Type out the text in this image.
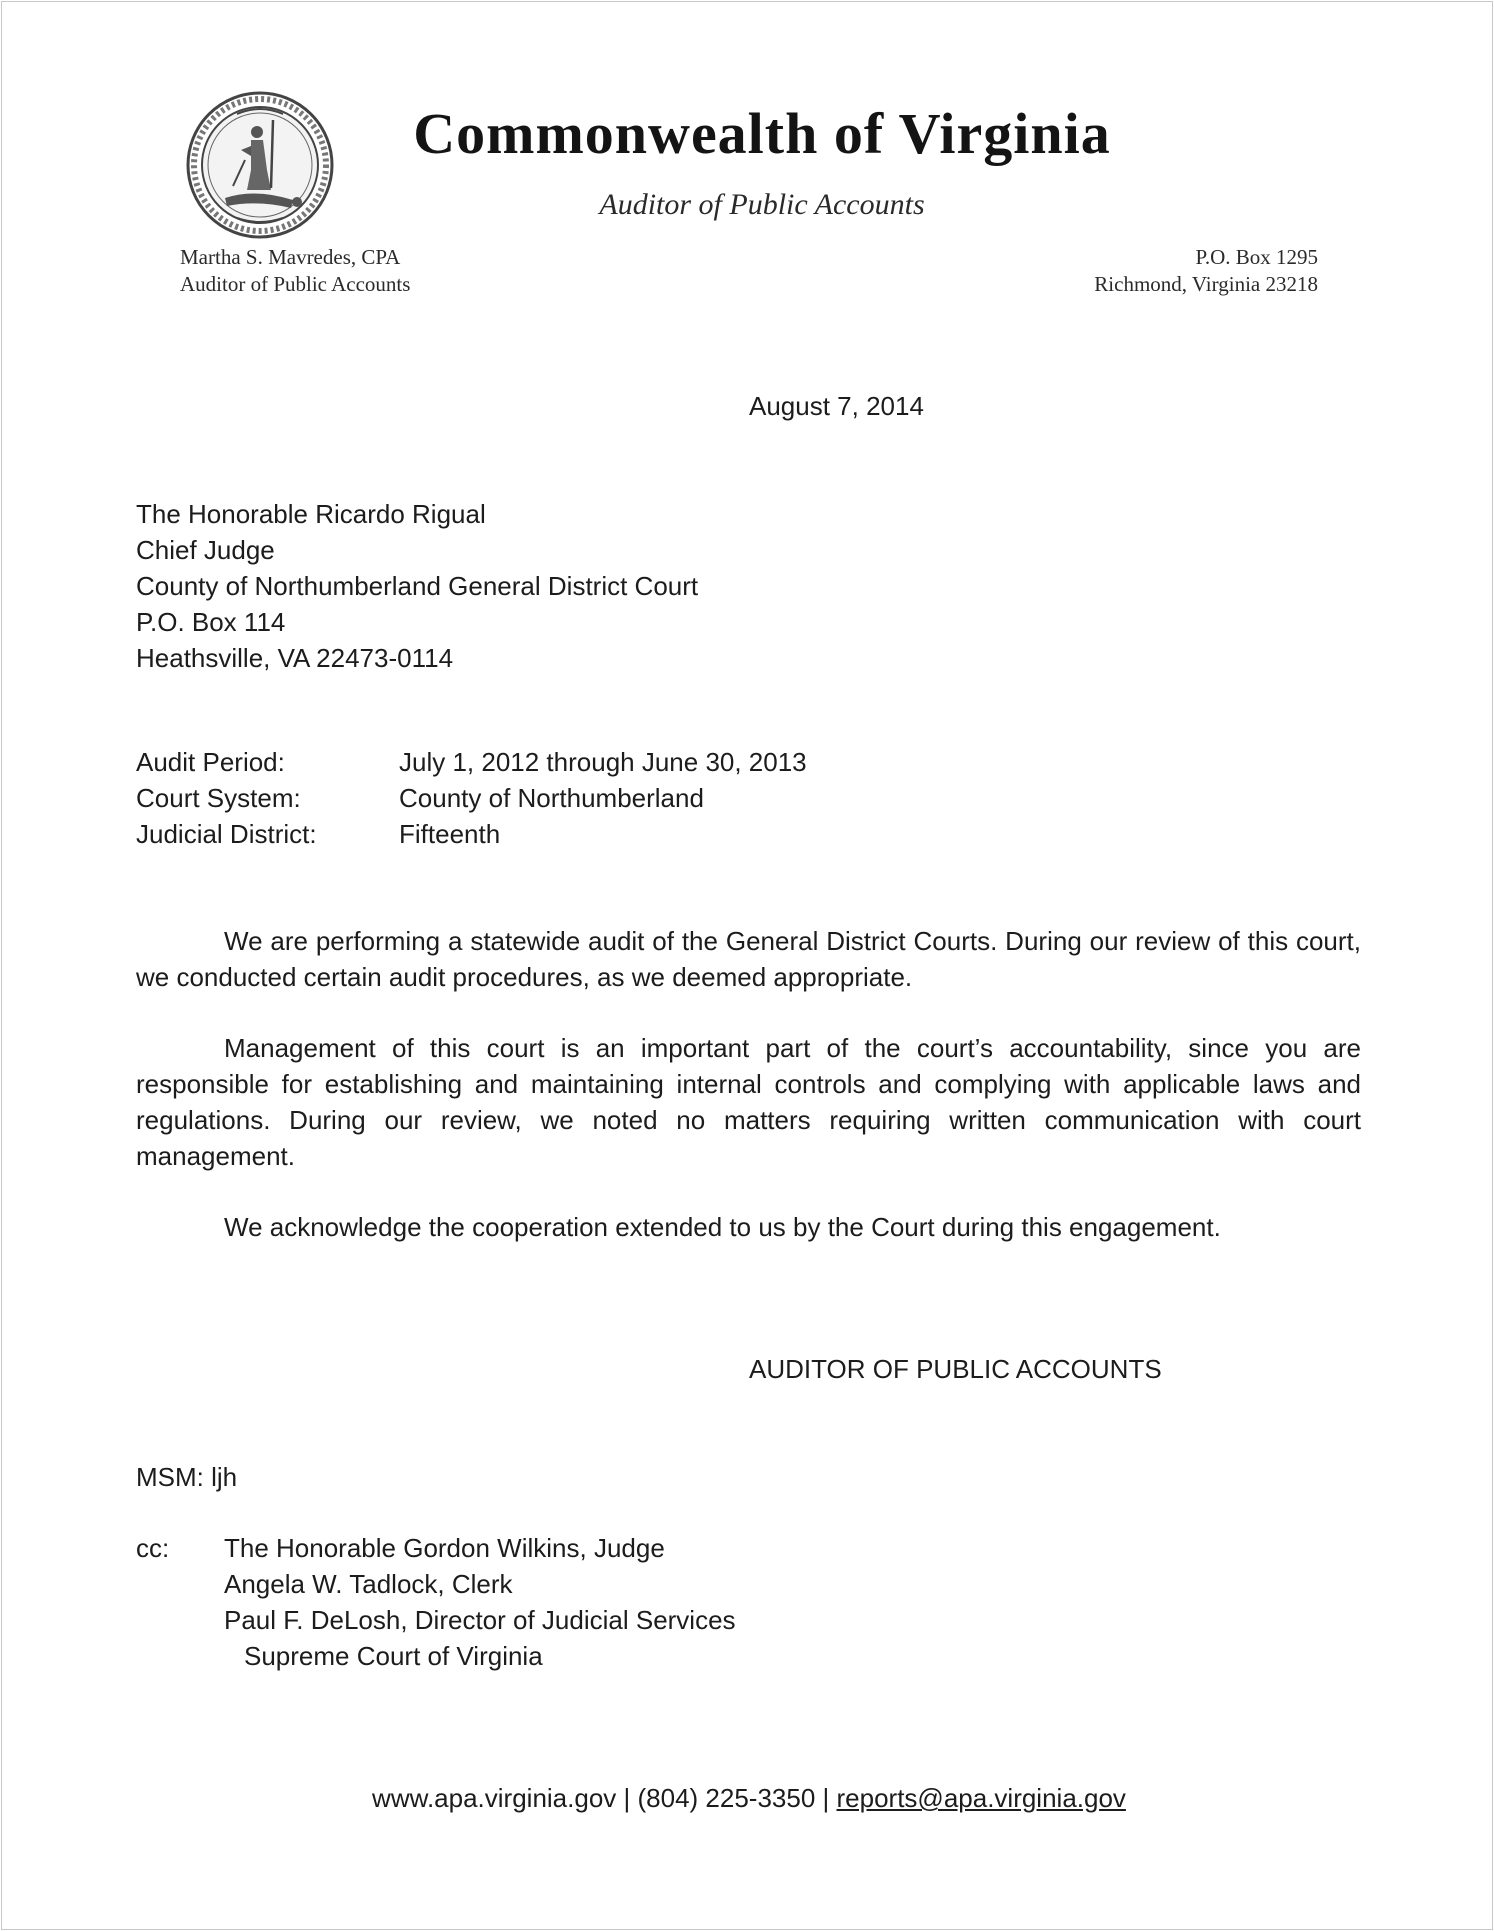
Commonwealth of Virginia
Auditor of Public Accounts
Martha S. Mavredes, CPA
Auditor of Public Accounts
P.O. Box 1295
Richmond, Virginia 23218
August 7, 2014
The Honorable Ricardo Rigual
Chief Judge
County of Northumberland General District Court
P.O. Box 114
Heathsville, VA 22473-0114
Audit Period:	July 1, 2012 through June 30, 2013
Court System:	County of Northumberland
Judicial District:	Fifteenth
We are performing a statewide audit of the General District Courts. During our review of this court, we conducted certain audit procedures, as we deemed appropriate.
Management of this court is an important part of the court’s accountability, since you are responsible for establishing and maintaining internal controls and complying with applicable laws and regulations. During our review, we noted no matters requiring written communication with court management.
We acknowledge the cooperation extended to us by the Court during this engagement.
AUDITOR OF PUBLIC ACCOUNTS
MSM: ljh
cc:	The Honorable Gordon Wilkins, Judge
Angela W. Tadlock, Clerk
Paul F. DeLosh, Director of Judicial Services
Supreme Court of Virginia
www.apa.virginia.gov | (804) 225-3350 | reports@apa.virginia.gov
